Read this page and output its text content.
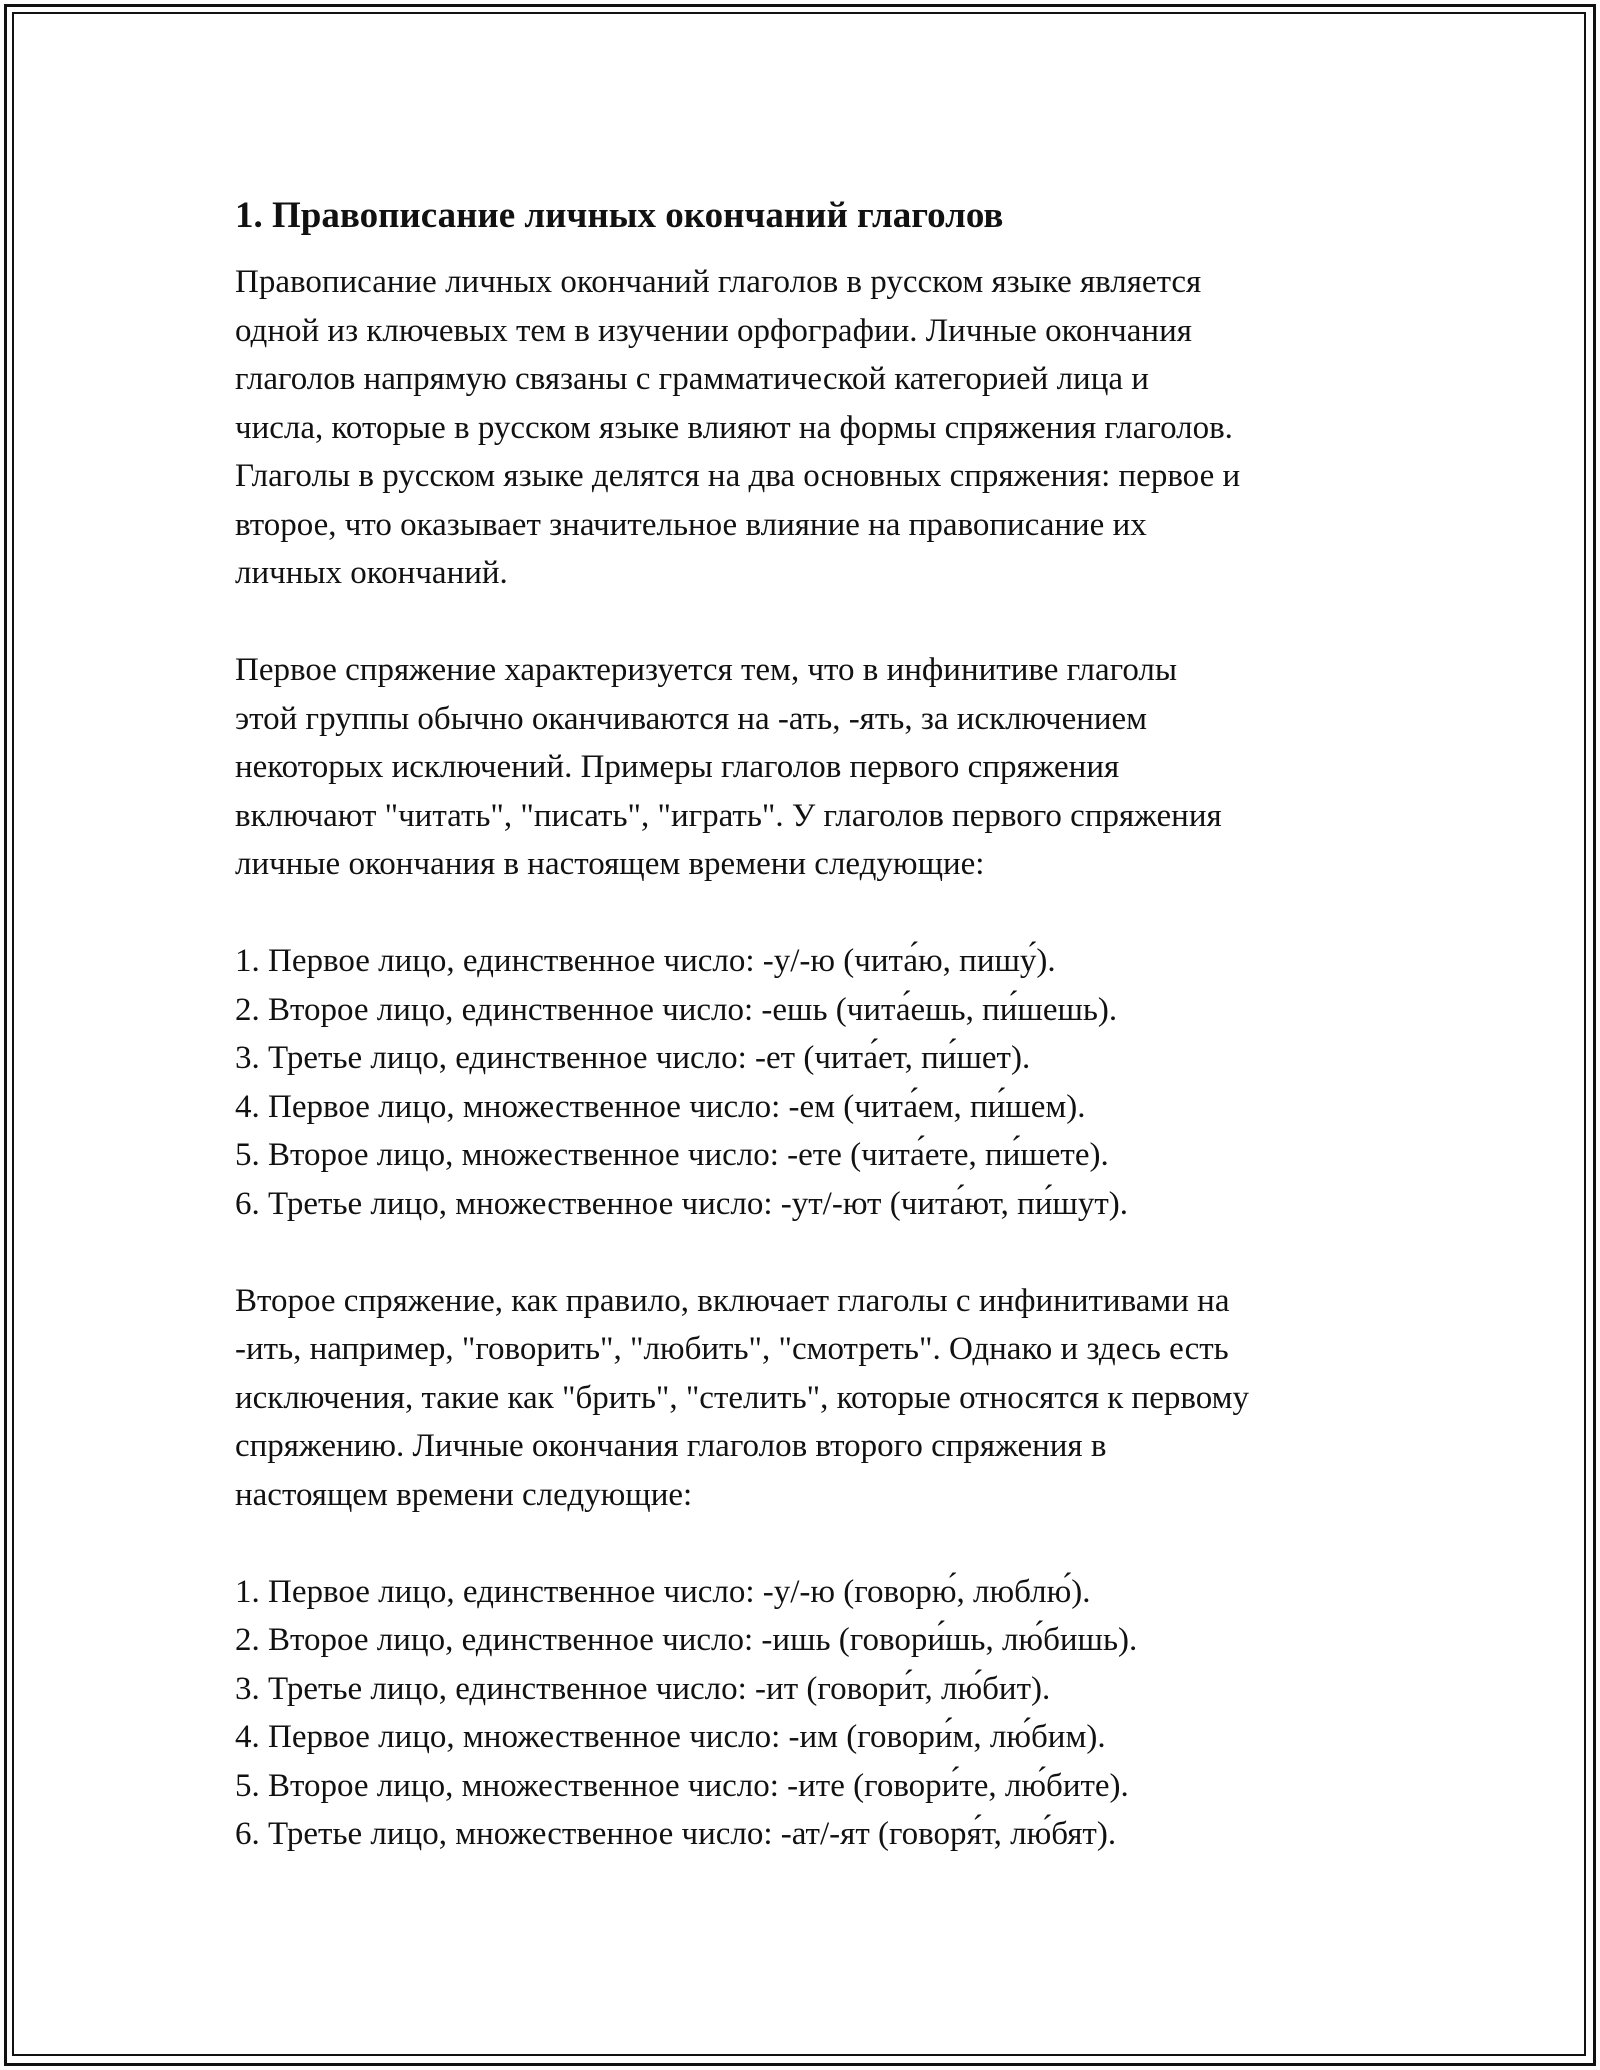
1. Правописание личных окончаний глаголов
Правописание личных окончаний глаголов в русском языке является
одной из ключевых тем в изучении орфографии. Личные окончания
глаголов напрямую связаны с грамматической категорией лица и
числа, которые в русском языке влияют на формы спряжения глаголов.
Глаголы в русском языке делятся на два основных спряжения: первое и
второе, что оказывает значительное влияние на правописание их
личных окончаний.
Первое спряжение характеризуется тем, что в инфинитиве глаголы
этой группы обычно оканчиваются на -ать, -ять, за исключением
некоторых исключений. Примеры глаголов первого спряжения
включают "читать", "писать", "играть". У глаголов первого спряжения
личные окончания в настоящем времени следующие:
1. Первое лицо, единственное число: -у/-ю (чита́ю, пишу́).
2. Второе лицо, единственное число: -ешь (чита́ешь, пи́шешь).
3. Третье лицо, единственное число: -ет (чита́ет, пи́шет).
4. Первое лицо, множественное число: -ем (чита́ем, пи́шем).
5. Второе лицо, множественное число: -ете (чита́ете, пи́шете).
6. Третье лицо, множественное число: -ут/-ют (чита́ют, пи́шут).
Второе спряжение, как правило, включает глаголы с инфинитивами на
-ить, например, "говорить", "любить", "смотреть". Однако и здесь есть
исключения, такие как "брить", "стелить", которые относятся к первому
спряжению. Личные окончания глаголов второго спряжения в
настоящем времени следующие:
1. Первое лицо, единственное число: -у/-ю (говорю́, люблю́).
2. Второе лицо, единственное число: -ишь (говори́шь, лю́бишь).
3. Третье лицо, единственное число: -ит (говори́т, лю́бит).
4. Первое лицо, множественное число: -им (говори́м, лю́бим).
5. Второе лицо, множественное число: -ите (говори́те, лю́бите).
6. Третье лицо, множественное число: -ат/-ят (говоря́т, лю́бят).
